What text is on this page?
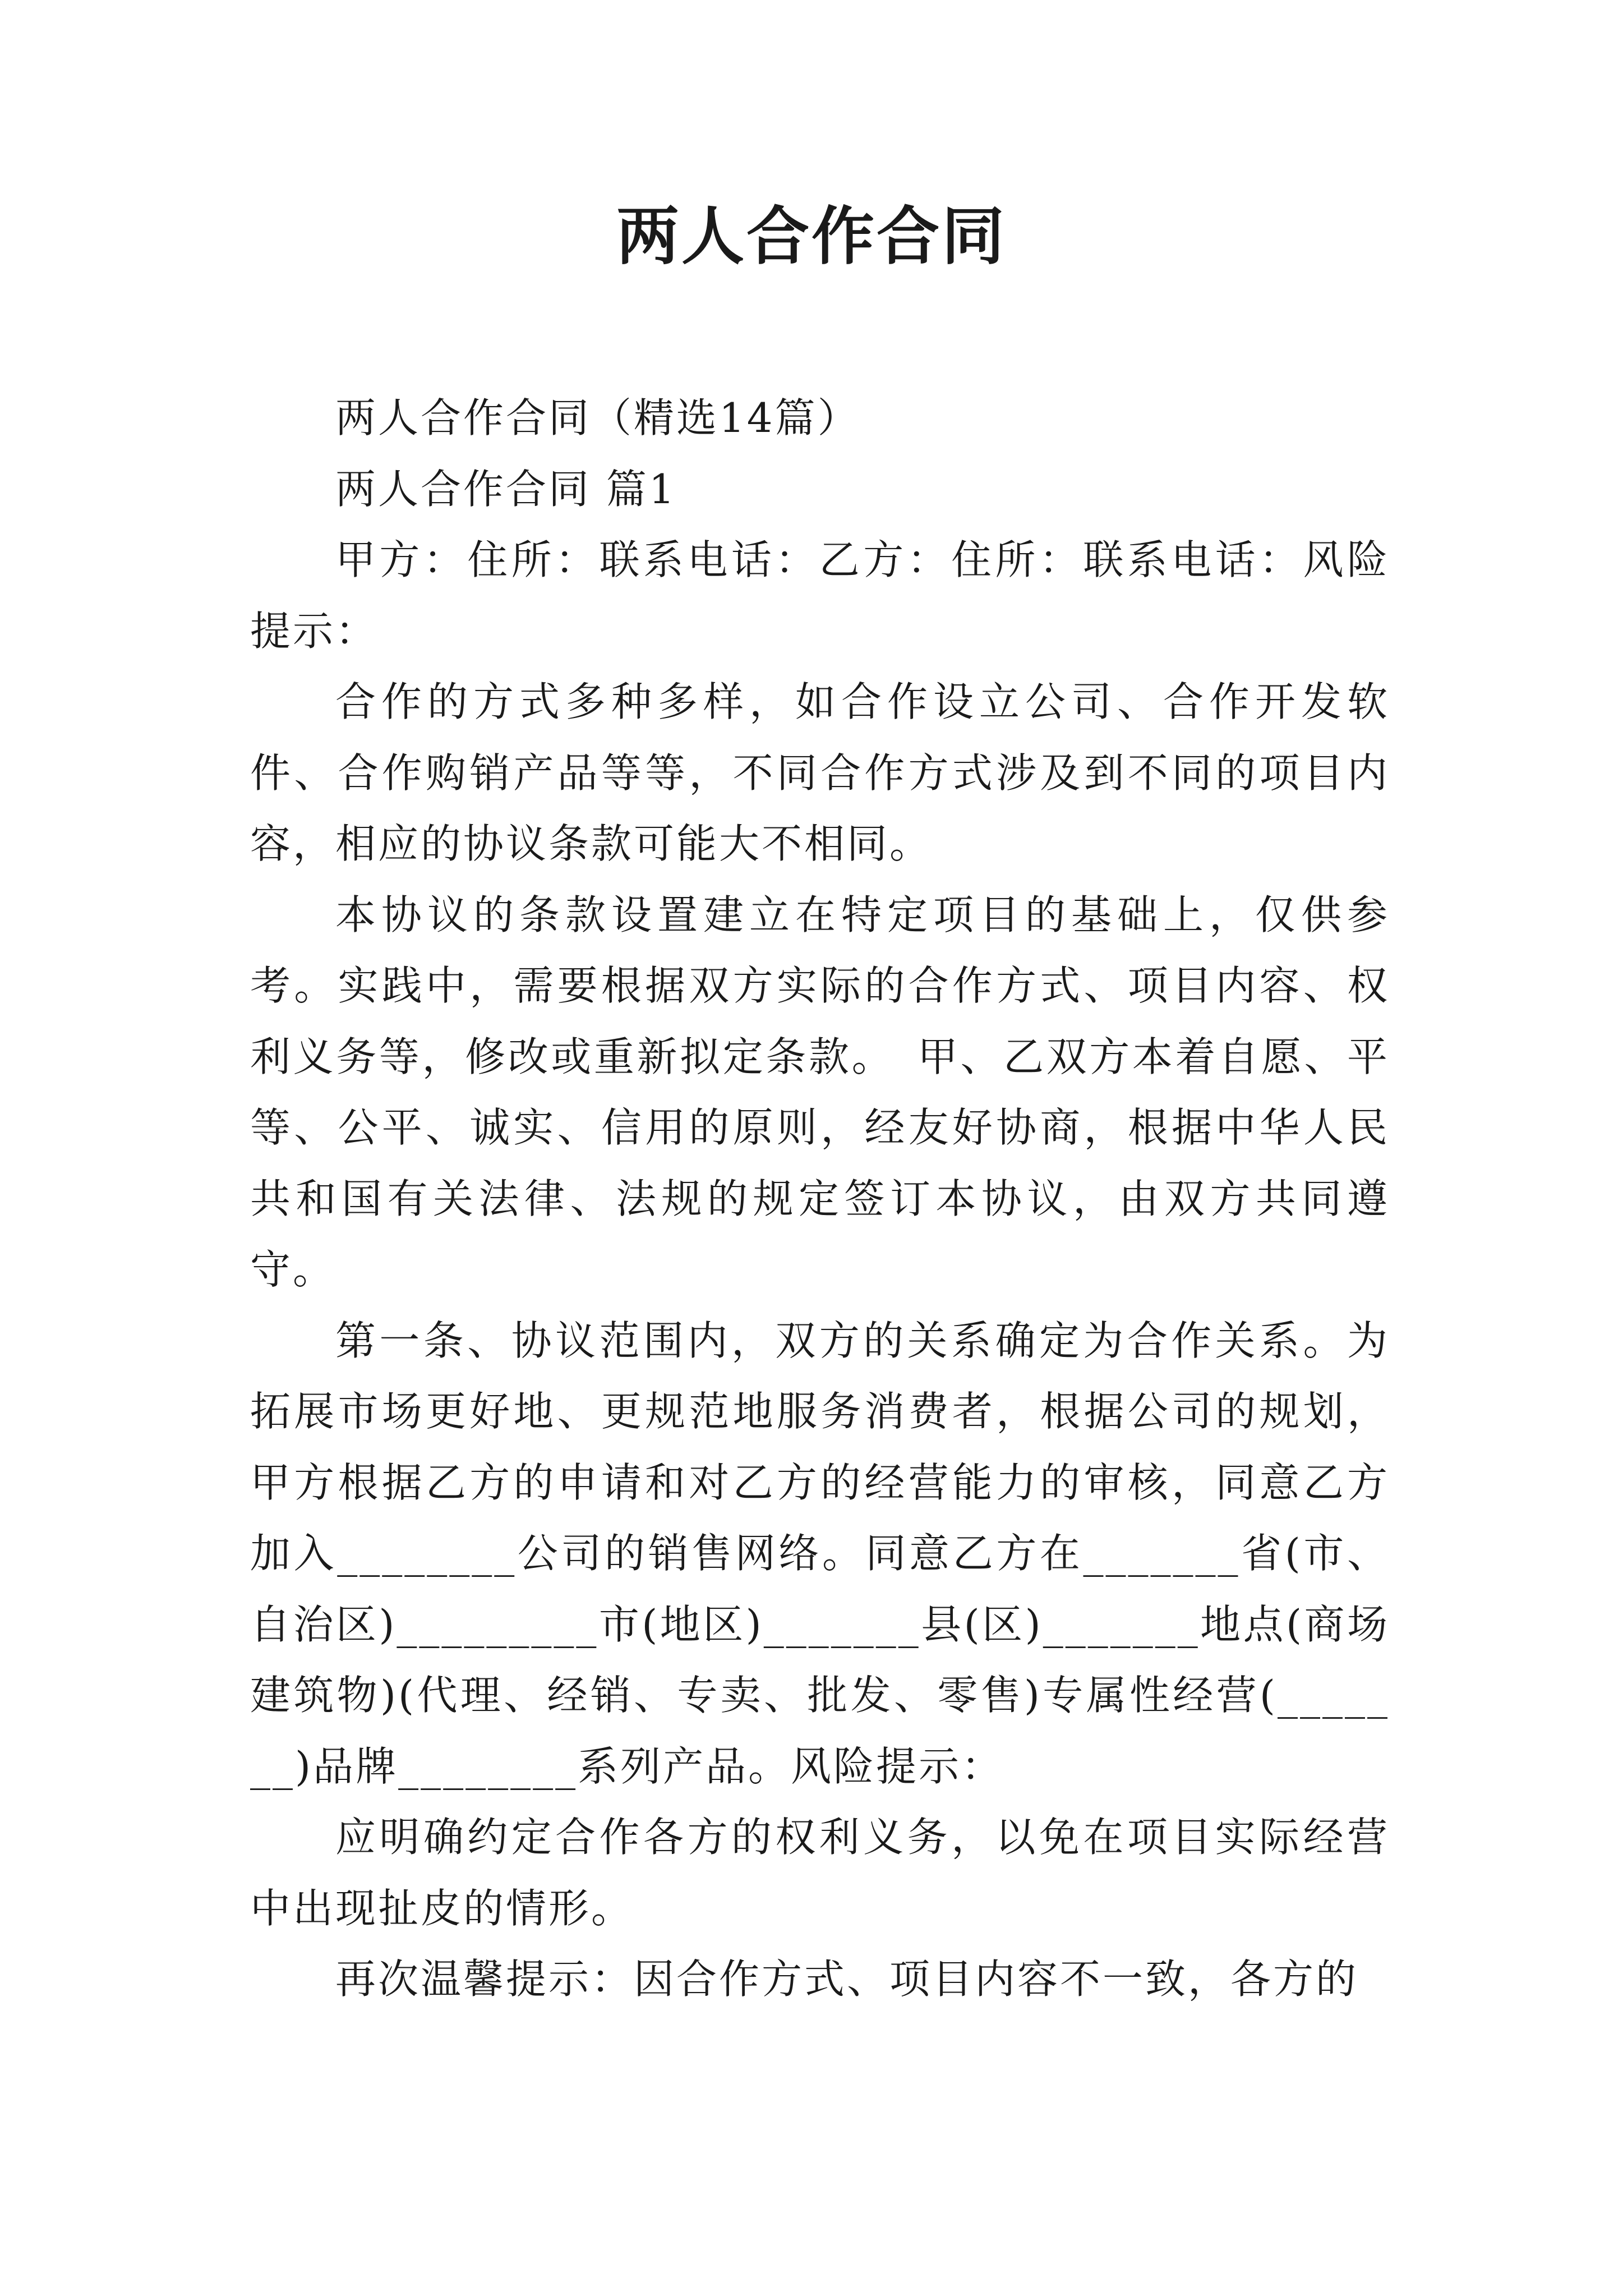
两人合作合同

两人合作合同（精选14篇）

两人合作合同 篇1

甲方：住所：联系电话：乙方：住所：联系电话：风险提示：

合作的方式多种多样，如合作设立公司、合作开发软件、合作购销产品等等，不同合作方式涉及到不同的项目内容，相应的协议条款可能大不相同。

本协议的条款设置建立在特定项目的基础上，仅供参考。实践中，需要根据双方实际的合作方式、项目内容、权利义务等，修改或重新拟定条款。　甲、乙双方本着自愿、平等、公平、诚实、信用的原则，经友好协商，根据中华人民共和国有关法律、法规的规定签订本协议，由双方共同遵守。

第一条、协议范围内，双方的关系确定为合作关系。为拓展市场更好地、更规范地服务消费者，根据公司的规划，甲方根据乙方的申请和对乙方的经营能力的审核，同意乙方加入________公司的销售网络。同意乙方在_______省(市、自治区)_________市(地区)_______县(区)_______地点(商场建筑物)(代理、经销、专卖、批发、零售)专属性经营(_______)品牌________系列产品。风险提示：

应明确约定合作各方的权利义务，以免在项目实际经营中出现扯皮的情形。

再次温馨提示：因合作方式、项目内容不一致，各方的
